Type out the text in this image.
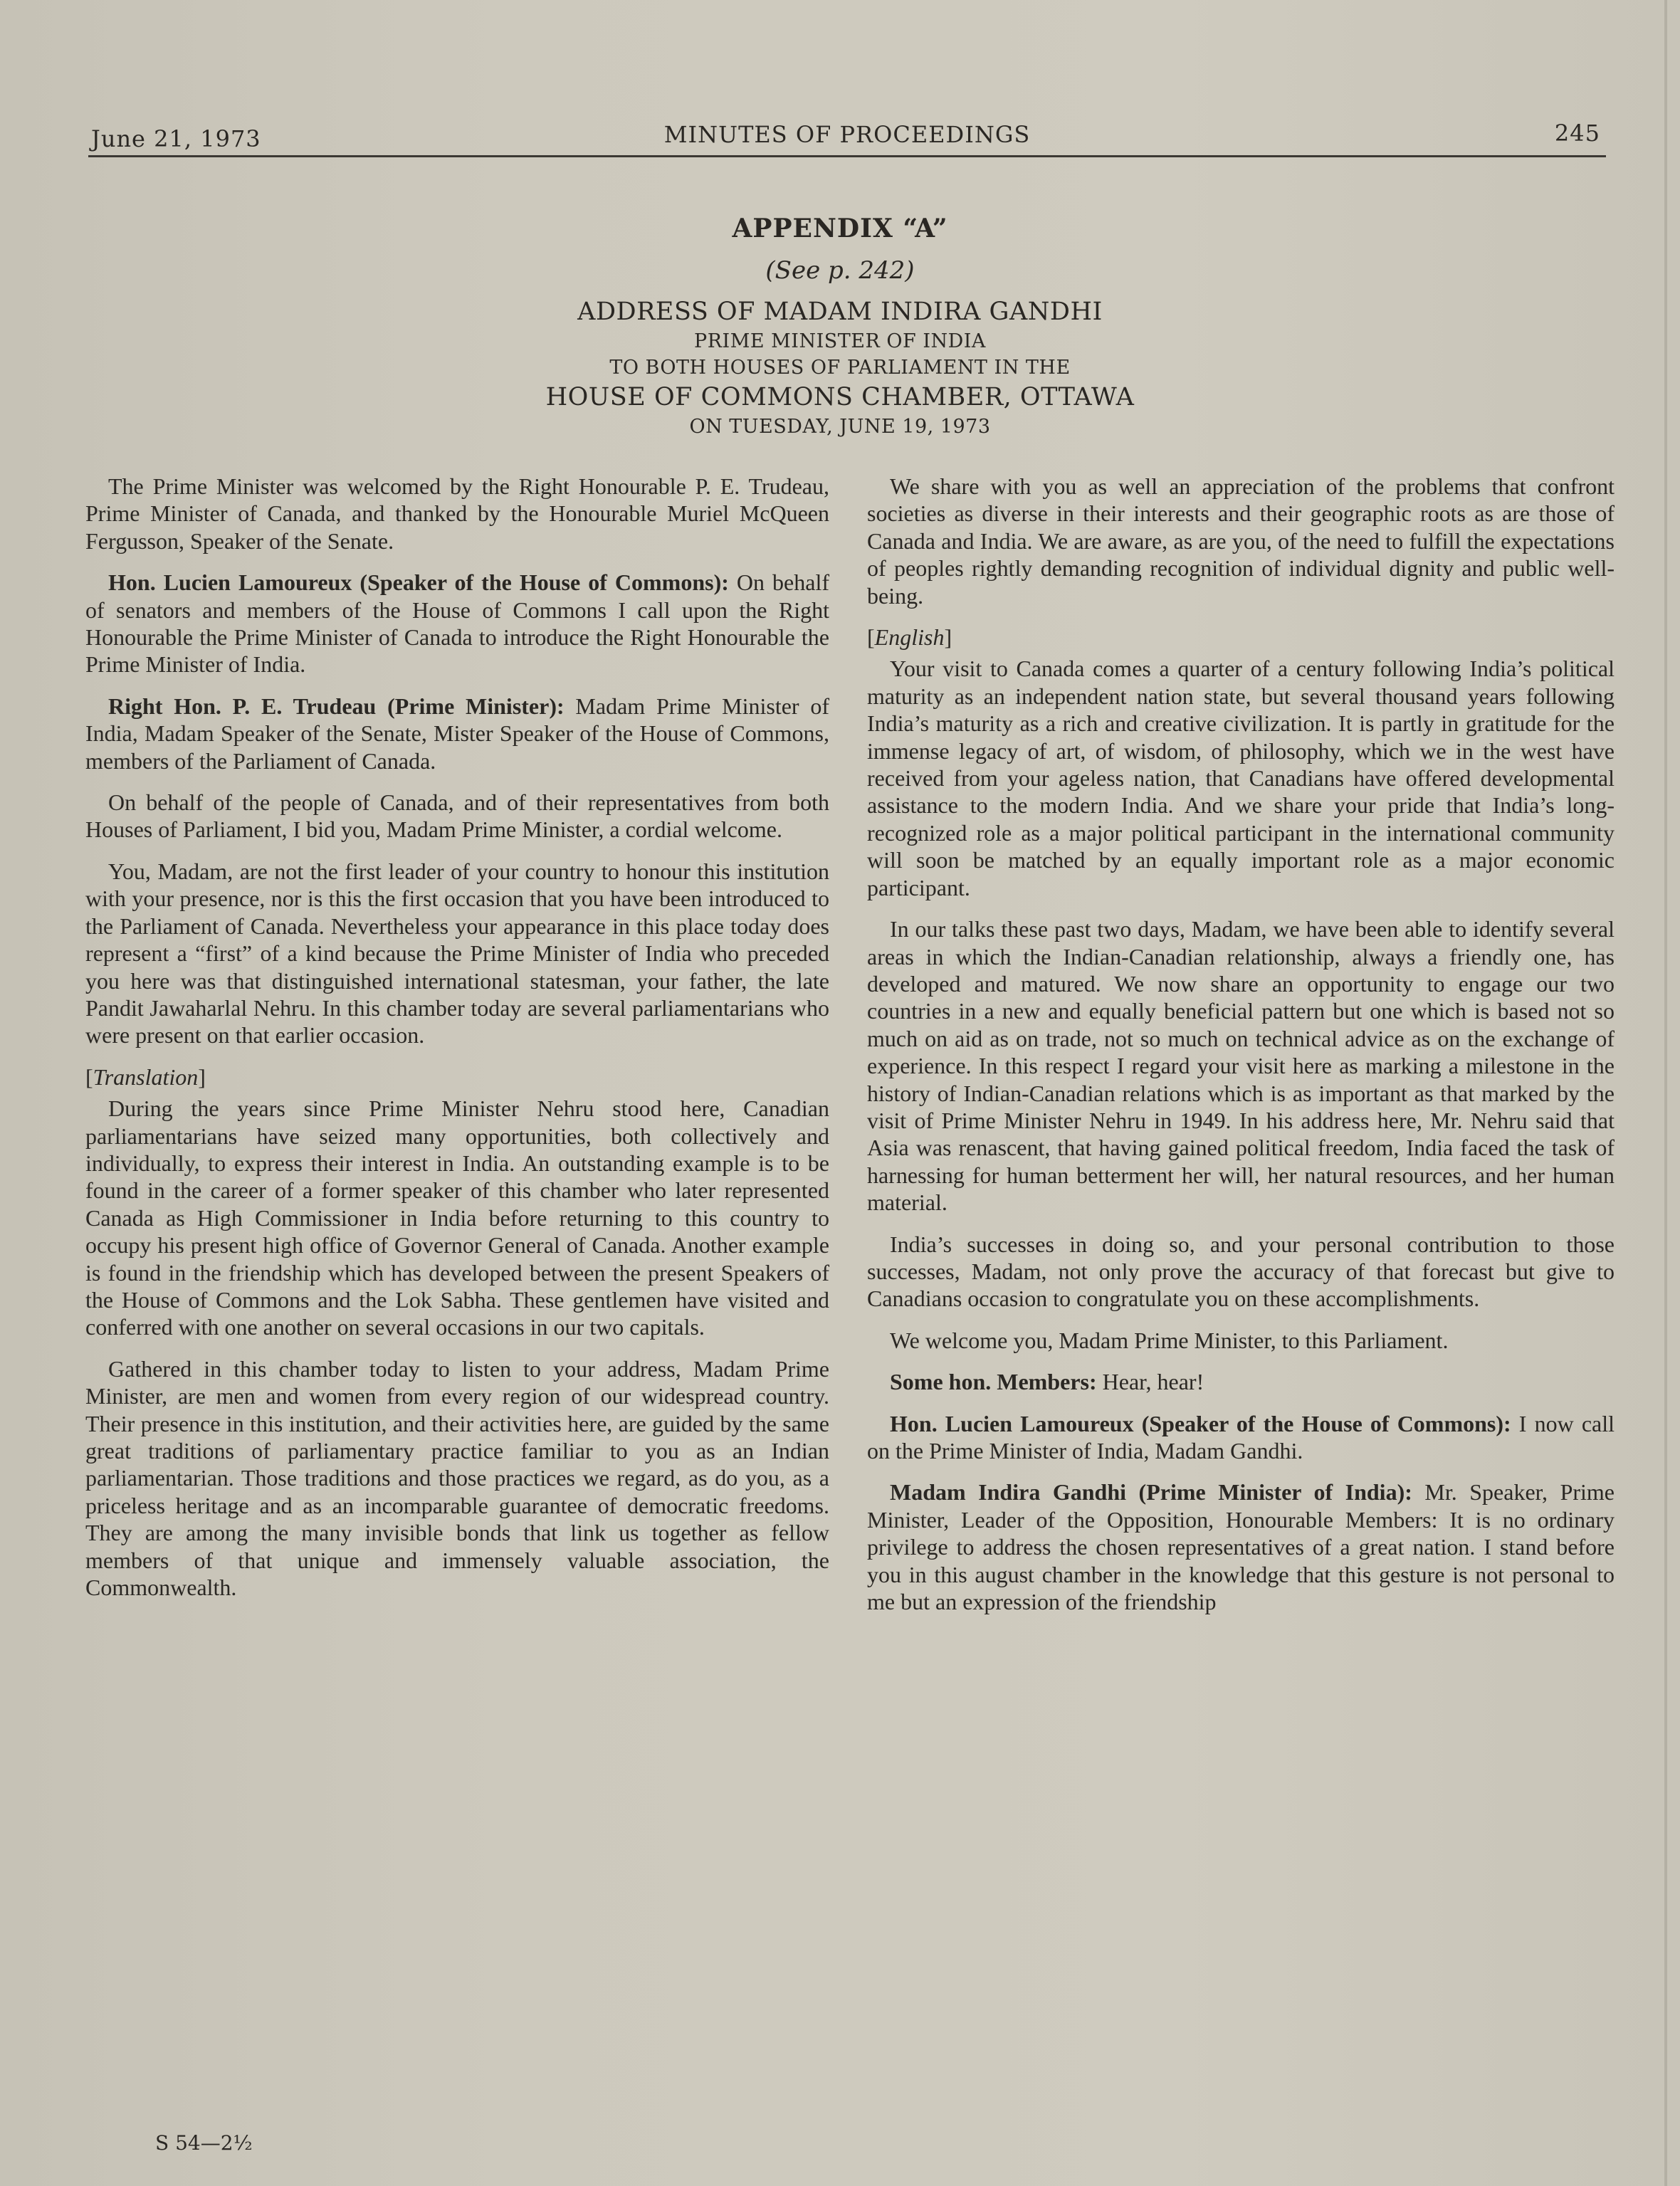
June 21, 1973	MINUTES OF PROCEEDINGS	245
APPENDIX “A”
(See p. 242)
ADDRESS OF MADAM INDIRA GANDHI
PRIME MINISTER OF INDIA
TO BOTH HOUSES OF PARLIAMENT IN THE
HOUSE OF COMMONS CHAMBER, OTTAWA
ON TUESDAY, JUNE 19, 1973

The Prime Minister was welcomed by the Right Honourable P. E. Trudeau, Prime Minister of Canada, and thanked by the Honourable Muriel McQueen Fergusson, Speaker of the Senate.

Hon. Lucien Lamoureux (Speaker of the House of Commons): On behalf of senators and members of the House of Commons I call upon the Right Honourable the Prime Minister of Canada to introduce the Right Honourable the Prime Minister of India.

Right Hon. P. E. Trudeau (Prime Minister): Madam Prime Minister of India, Madam Speaker of the Senate, Mister Speaker of the House of Commons, members of the Parliament of Canada.

On behalf of the people of Canada, and of their representatives from both Houses of Parliament, I bid you, Madam Prime Minister, a cordial welcome.

You, Madam, are not the first leader of your country to honour this institution with your presence, nor is this the first occasion that you have been introduced to the Parliament of Canada. Nevertheless your appearance in this place today does represent a “first” of a kind because the Prime Minister of India who preceded you here was that distinguished international statesman, your father, the late Pandit Jawaharlal Nehru. In this chamber today are several parliamentarians who were present on that earlier occasion.

[Translation]

During the years since Prime Minister Nehru stood here, Canadian parliamentarians have seized many opportunities, both collectively and individually, to express their interest in India. An outstanding example is to be found in the career of a former speaker of this chamber who later represented Canada as High Commissioner in India before returning to this country to occupy his present high office of Governor General of Canada. Another example is found in the friendship which has developed between the present Speakers of the House of Commons and the Lok Sabha. These gentlemen have visited and conferred with one another on several occasions in our two capitals.

Gathered in this chamber today to listen to your address, Madam Prime Minister, are men and women from every region of our widespread country. Their presence in this institution, and their activities here, are guided by the same great traditions of parliamentary practice familiar to you as an Indian parliamentarian. Those traditions and those practices we regard, as do you, as a priceless heritage and as an incomparable guarantee of democratic freedoms. They are among the many invisible bonds that link us together as fellow members of that unique and immensely valuable association, the Commonwealth.

We share with you as well an appreciation of the problems that confront societies as diverse in their interests and their geographic roots as are those of Canada and India. We are aware, as are you, of the need to fulfill the expectations of peoples rightly demanding recognition of individual dignity and public well-being.

[English]

Your visit to Canada comes a quarter of a century following India’s political maturity as an independent nation state, but several thousand years following India’s maturity as a rich and creative civilization. It is partly in gratitude for the immense legacy of art, of wisdom, of philosophy, which we in the west have received from your ageless nation, that Canadians have offered developmental assistance to the modern India. And we share your pride that India’s long-recognized role as a major political participant in the international community will soon be matched by an equally important role as a major economic participant.

In our talks these past two days, Madam, we have been able to identify several areas in which the Indian-Canadian relationship, always a friendly one, has developed and matured. We now share an opportunity to engage our two countries in a new and equally beneficial pattern but one which is based not so much on aid as on trade, not so much on technical advice as on the exchange of experience. In this respect I regard your visit here as marking a milestone in the history of Indian-Canadian relations which is as important as that marked by the visit of Prime Minister Nehru in 1949. In his address here, Mr. Nehru said that Asia was renascent, that having gained political freedom, India faced the task of harnessing for human betterment her will, her natural resources, and her human material.

India’s successes in doing so, and your personal contribution to those successes, Madam, not only prove the accuracy of that forecast but give to Canadians occasion to congratulate you on these accomplishments.

We welcome you, Madam Prime Minister, to this Parliament.

Some hon. Members: Hear, hear!

Hon. Lucien Lamoureux (Speaker of the House of Commons): I now call on the Prime Minister of India, Madam Gandhi.

Madam Indira Gandhi (Prime Minister of India): Mr. Speaker, Prime Minister, Leader of the Opposition, Honourable Members: It is no ordinary privilege to address the chosen representatives of a great nation. I stand before you in this august chamber in the knowledge that this gesture is not personal to me but an expression of the friendship

S 54—2½
